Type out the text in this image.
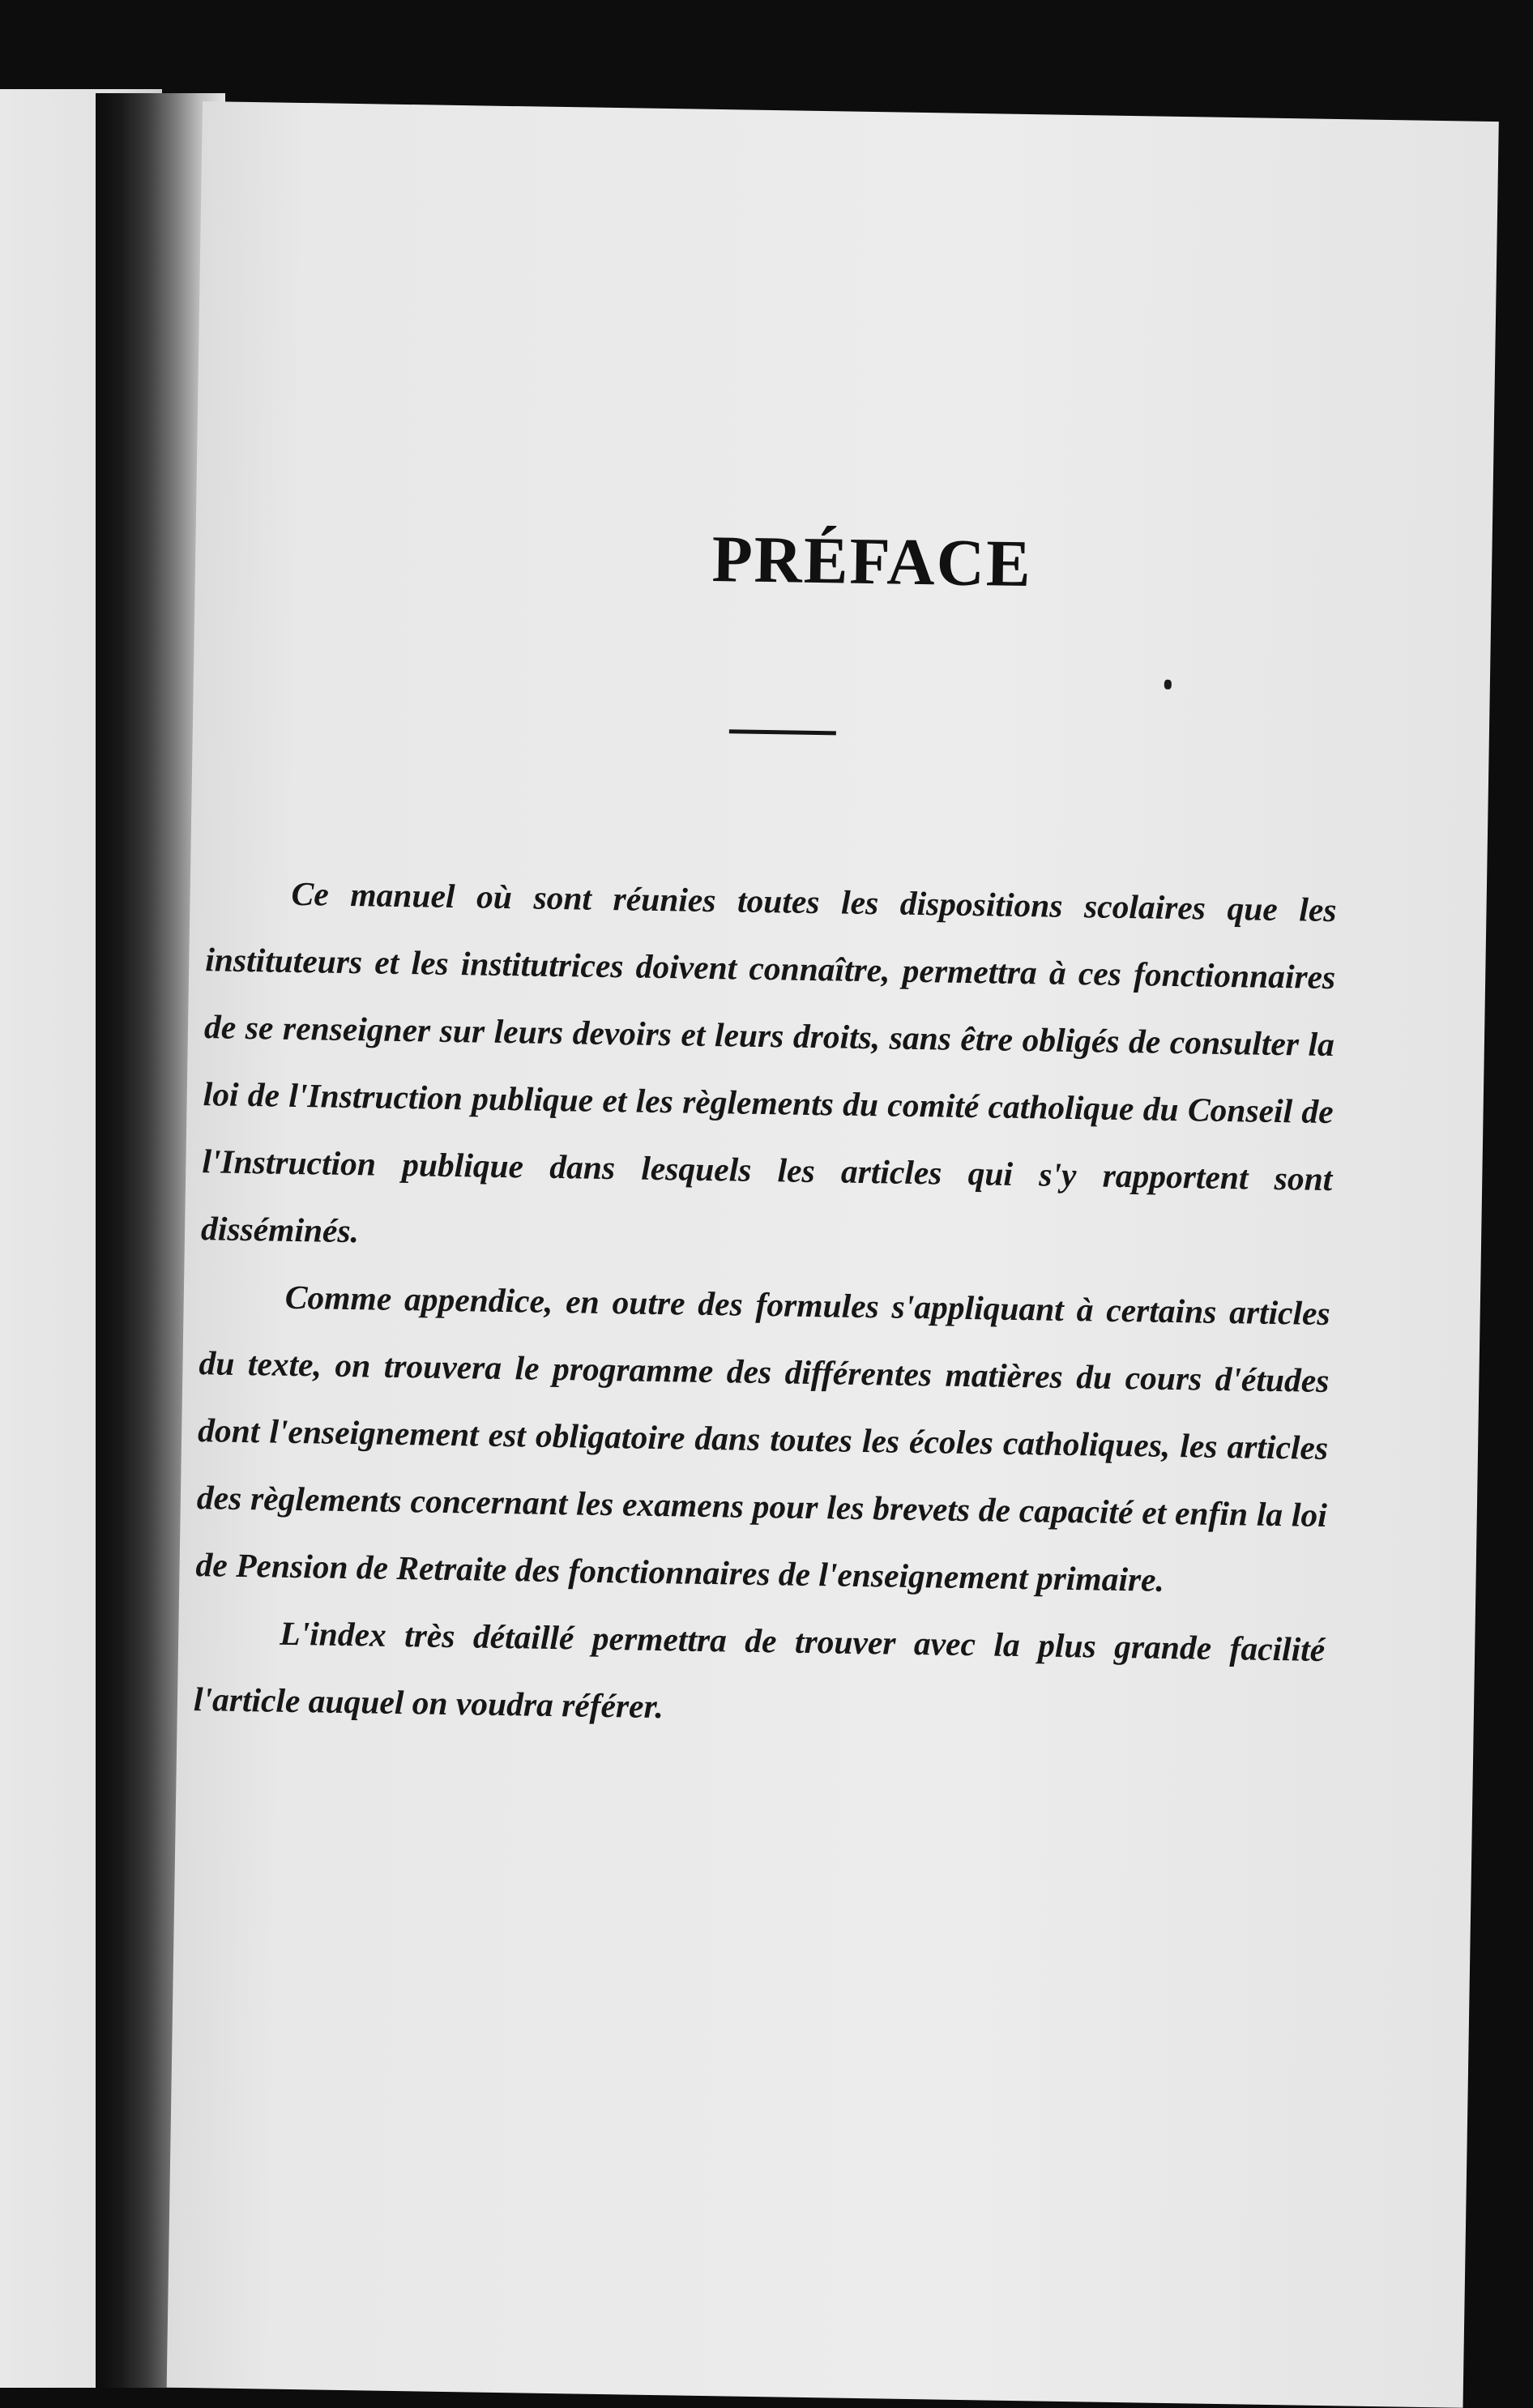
PRÉFACE

Ce manuel où sont réunies toutes les dispositions scolaires que les instituteurs et les institutrices doivent connaître, permettra à ces fonctionnaires de se renseigner sur leurs devoirs et leurs droits, sans être obligés de consulter la loi de l'Instruction publique et les règlements du comité catholique du Conseil de l'Instruction publique dans lesquels les articles qui s'y rapportent sont disséminés.

Comme appendice, en outre des formules s'appliquant à certains articles du texte, on trouvera le programme des différentes matières du cours d'études dont l'enseignement est obligatoire dans toutes les écoles catholiques, les articles des règlements concernant les examens pour les brevets de capacité et enfin la loi de Pension de Retraite des fonctionnaires de l'enseignement primaire.

L'index très détaillé permettra de trouver avec la plus grande facilité l'article auquel on voudra référer.
